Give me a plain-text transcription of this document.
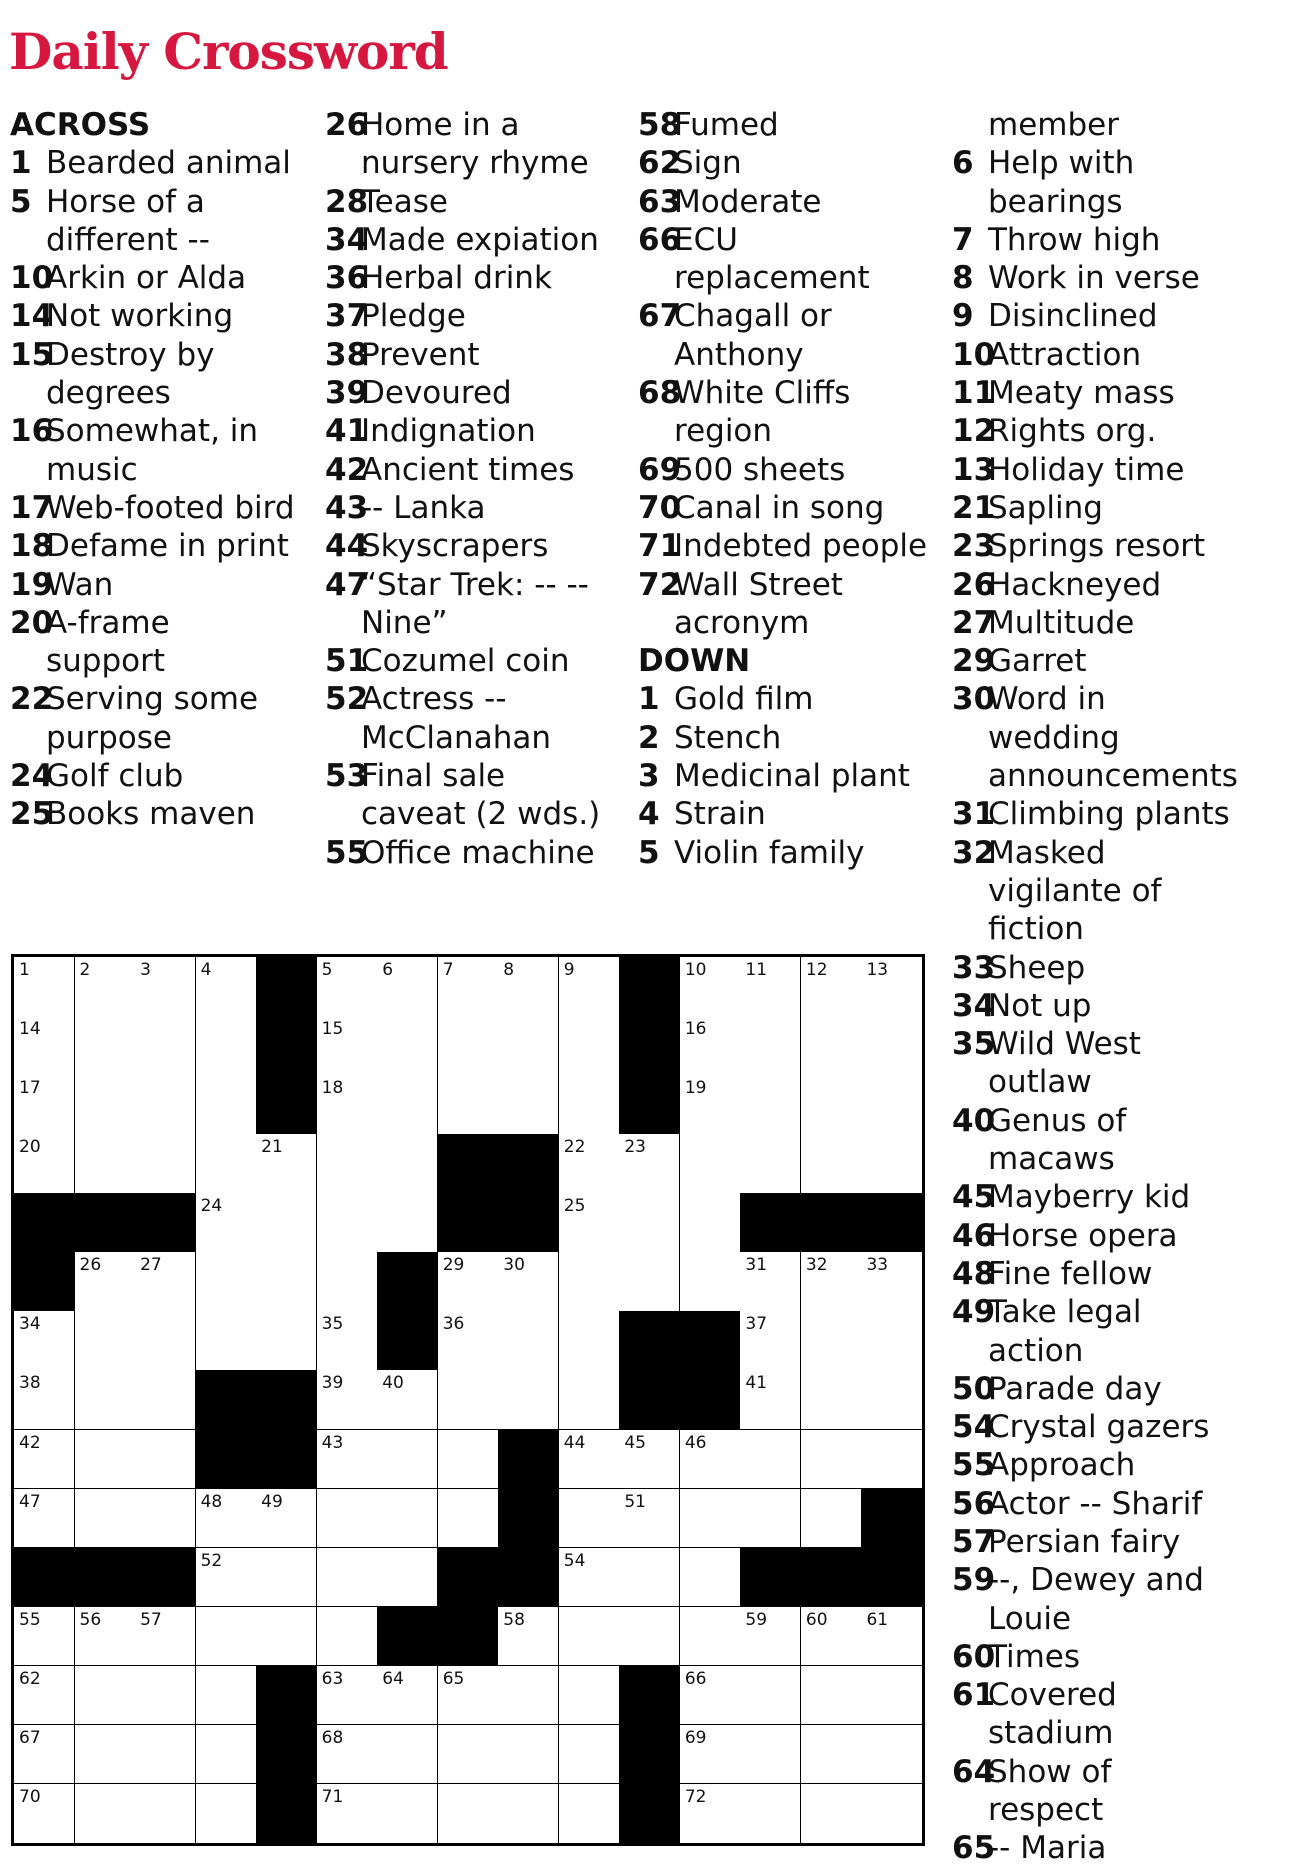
Daily Crossword
ACROSS
1 Bearded animal
5 Horse of a
different --
10
Arkin or Alda
14
Not working
15
Destroy by
degrees
16
Somewhat, in
music
17
Web-footed bird
18
Defame in print
19
Wan
20
A-frame
support
22
Serving some
purpose
24
Golf club
25
Books maven
26
Home in a
nursery rhyme
28
Tease
34
Made expiation
36
Herbal drink
37
Pledge
38
Prevent
39
Devoured
41
Indignation
42
Ancient times
43
-- Lanka
44
Skyscrapers
47
“Star Trek: -- --
Nine”
51
Cozumel coin
52
Actress --
McClanahan
53
Final sale
caveat (2 wds.)
55
Office machine
58
Fumed
62
Sign
63
Moderate
66
ECU
replacement
67
Chagall or
Anthony
68
White Cliffs
region
69
500 sheets
70
Canal in song
71
Indebted people
72
Wall Street
acronym
DOWN
1 Gold film
2 Stench
3 Medicinal plant
4 Strain
5 Violin family
member
6 Help with
bearings
7 Throw high
8 Work in verse
9 Disinclined
10
Attraction
11
Meaty mass
12
Rights org.
13
Holiday time
21
Sapling
23
Springs resort
26
Hackneyed
27
Multitude
29
Garret
30
Word in
wedding
announcements
31
Climbing plants
32
Masked
vigilante of
fiction
33
Sheep
34
Not up
35
Wild West
outlaw
40
Genus of
macaws
45
Mayberry kid
46
Horse opera
48
Fine fellow
49
Take legal
action
50
Parade day
54
Crystal gazers
55
Approach
56
Actor -- Sharif
57
Persian fairy
59
--, Dewey and
Louie
60
Times
61
Covered
stadium
64
Show of
respect
65
-- Maria
1	2	3	4	5	6	7	8	9	10 11 12 13
14	15	16
17	18	19
20	21	22 23
24	25
26 27	29 30	31 32 33
34	35	36	37
38	39 40	41
42	43	44 45 46
47	48 49	51
52	54
55 56 57	58	59 60 61
62	63 64 65	66
67	68	69
70	71	72
